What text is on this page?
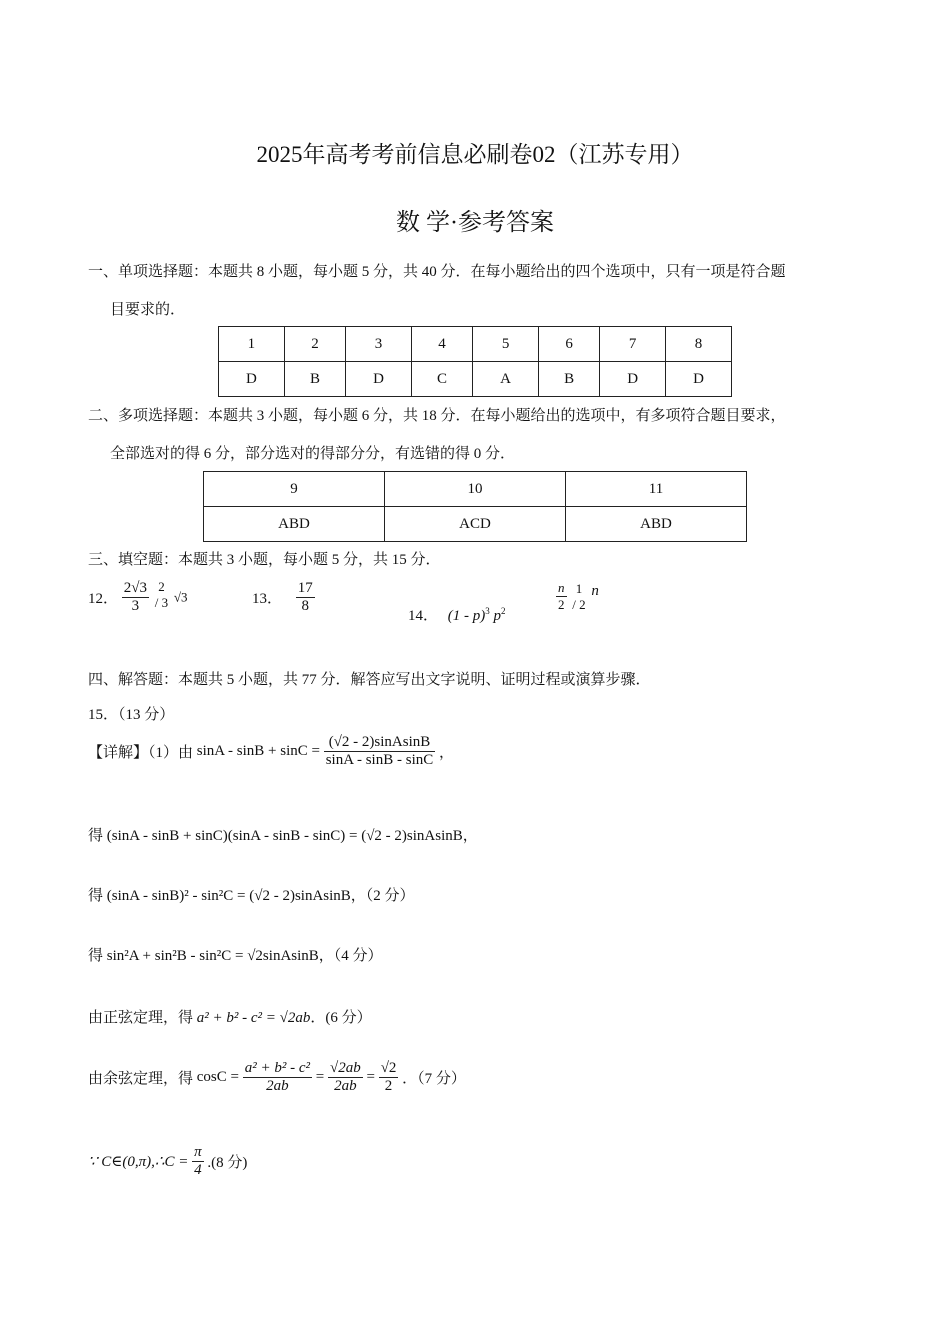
2025年高考考前信息必刷卷02（江苏专用）
数 学·参考答案
一、单项选择题：本题共 8 小题，每小题 5 分，共 40 分．在每小题给出的四个选项中，只有一项是符合题
目要求的．
1	2	3	4	5	6	7	8
D	B	D	C	A	B	D	D
二、多项选择题：本题共 3 小题，每小题 6 分，共 18 分．在每小题给出的选项中，有多项符合题目要求，
全部选对的得 6 分，部分选对的得部分分，有选错的得 0 分．
9	10	11
ABD	ACD	ABD
三、填空题：本题共 3 小题，每小题 5 分，共 15 分．
12． $\frac{2√3}{3}$
2
/ 3 √3	13． $\frac{17}{8}$
14． (1 - p)$^3$ $p^2$	$\frac{n}{2}$
1
/ 2
n
四、解答题：本题共 5 小题，共 77 分．解答应写出文字说明、证明过程或演算步骤．
15．（13 分）
【详解】（1）由 $\sin A - \sin B + \sin C = \frac{\text{(√2 - 2)sinAsinB}}{\sin A - \sin B - \sin C}$ ，
得 (sinA - sinB + sinC)(sinA - sinB - sinC) = (√2 - 2)sinAsinB，
得 (sinA - sinB)² - sin²C = (√2 - 2)sinAsinB，（2 分）
得 sin²A + sin²B - sin²C = √2sinAsinB，（4 分）
由正弦定理，得 a² + b² - c² = √2ab．(6 分）
由余弦定理，得 $\cos C = \frac{\text{a² + b² - c²}}{2ab} = \frac{√2ab}{2ab} = \frac{√2}{2}$ ．（7 分）
∵ C∈(0,π),∴C = $\frac{\pi}{4} .(8$ 分)
